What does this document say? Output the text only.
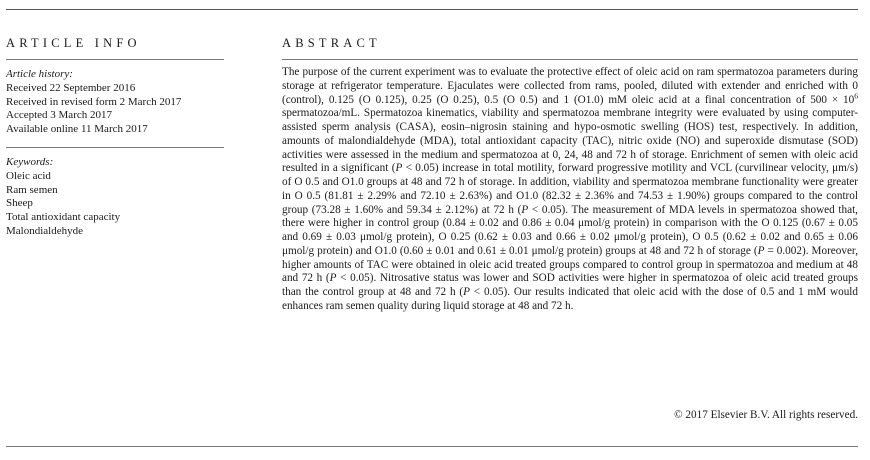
ARTICLE INFO	ABSTRACT
Article history:
Received 22 September 2016
Received in revised form 2 March 2017
Accepted 3 March 2017
Available online 11 March 2017
Keywords:
Oleic acid
Ram semen
Sheep
Total antioxidant capacity
Malondialdehyde

The purpose of the current experiment was to evaluate the protective effect of oleic acid on ram spermatozoa parameters during storage at refrigerator temperature. Ejaculates were collected from rams, pooled, diluted with extender and enriched with 0 (control), 0.125 (O 0.125), 0.25 (O 0.25), 0.5 (O 0.5) and 1 (O1.0) mM oleic acid at a final concentration of $500 \times 10^6$ spermatozoa/mL. Spermatozoa kinematics, viability and spermatozoa membrane integrity were evaluated by using computer-assisted sperm analysis (CASA), eosin–nigrosin staining and hypo-osmotic swelling (HOS) test, respectively. In addition, amounts of malondialdehyde (MDA), total antioxidant capacity (TAC), nitric oxide (NO) and superoxide dismutase (SOD) activities were assessed in the medium and spermatozoa at 0, 24, 48 and 72 h of storage. Enrichment of semen with oleic acid resulted in a significant (P < 0.05) increase in total motility, forward progressive motility and VCL (curvilinear velocity, μm/s) of O 0.5 and O1.0 groups at 48 and 72 h of storage. In addition, viability and spermatozoa membrane functionality were greater in O 0.5 (81.81 ± 2.29% and 72.10 ± 2.63%) and O1.0 (82.32 ± 2.36% and 74.53 ± 1.90%) groups compared to the control group (73.28 ± 1.60% and 59.34 ± 2.12%) at 72 h (P < 0.05). The measurement of MDA levels in spermatozoa showed that, there were higher in control group (0.84 ± 0.02 and 0.86 ± 0.04 μmol/g protein) in comparison with the O 0.125 (0.67 ± 0.05 and 0.69 ± 0.03 μmol/g protein), O 0.25 (0.62 ± 0.03 and 0.66 ± 0.02 μmol/g protein), O 0.5 (0.62 ± 0.02 and 0.65 ± 0.06 μmol/g protein) and O1.0 (0.60 ± 0.01 and 0.61 ± 0.01 μmol/g protein) groups at 48 and 72 h of storage (P = 0.002). Moreover, higher amounts of TAC were obtained in oleic acid treated groups compared to control group in spermatozoa and medium at 48 and 72 h (P < 0.05). Nitrosative status was lower and SOD activities were higher in spermatozoa of oleic acid treated groups than the control group at 48 and 72 h (P < 0.05). Our results indicated that oleic acid with the dose of 0.5 and 1 mM would enhances ram semen quality during liquid storage at 48 and 72 h.

© 2017 Elsevier B.V. All rights reserved.
